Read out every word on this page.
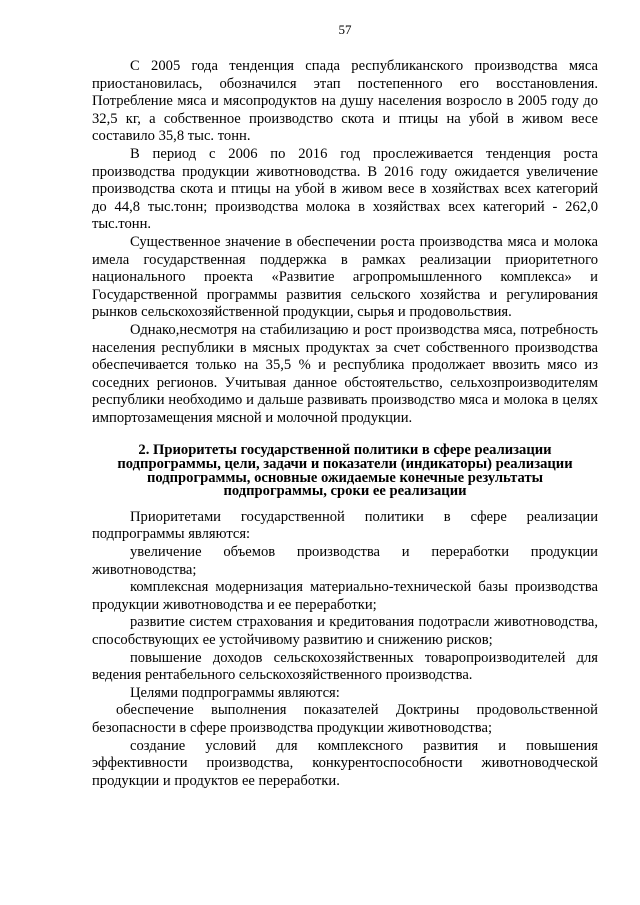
57

С 2005 года тенденция спада республиканского производства мяса приостановилась, обозначился этап постепенного его восстановления. Потребление мяса и мясопродуктов на душу населения возросло в 2005 году до 32,5 кг, а собственное производство скота и птицы на убой в живом весе составило 35,8 тыс. тонн.

В период с 2006 по 2016 год прослеживается тенденция роста производства продукции животноводства. В 2016 году ожидается увеличение производства скота и птицы на убой в живом весе в хозяйствах всех категорий до 44,8 тыс.тонн; производства молока в хозяйствах всех категорий - 262,0 тыс.тонн.

Существенное значение в обеспечении роста производства мяса и молока имела государственная поддержка в рамках реализации приоритетного национального проекта «Развитие агропромышленного комплекса» и Государственной программы развития сельского хозяйства и регулирования рынков сельскохозяйственной продукции, сырья и продовольствия.

Однако,несмотря на стабилизацию и рост производства мяса, потребность населения республики в мясных продуктах за счет собственного производства обеспечивается только на 35,5 % и республика продолжает ввозить мясо из соседних регионов. Учитывая данное обстоятельство, сельхозпроизводителям республики необходимо и дальше развивать производство мяса и молока в целях импортозамещения мясной и молочной продукции.

2. Приоритеты государственной политики в сфере реализации подпрограммы, цели, задачи и показатели (индикаторы) реализации подпрограммы, основные ожидаемые конечные результаты подпрограммы, сроки ее реализации

Приоритетами государственной политики в сфере реализации подпрограммы являются:

увеличение объемов производства и переработки продукции животноводства;

комплексная модернизация материально-технической базы производства продукции животноводства и ее переработки;

развитие систем страхования и кредитования подотрасли животноводства, способствующих ее устойчивому развитию и снижению рисков;

повышение доходов сельскохозяйственных товаропроизводителей для ведения рентабельного сельскохозяйственного производства.

Целями подпрограммы являются:

обеспечение выполнения показателей Доктрины продовольственной безопасности в сфере производства продукции животноводства;

создание условий для комплексного развития и повышения эффективности производства, конкурентоспособности животноводческой продукции и продуктов ее переработки.
